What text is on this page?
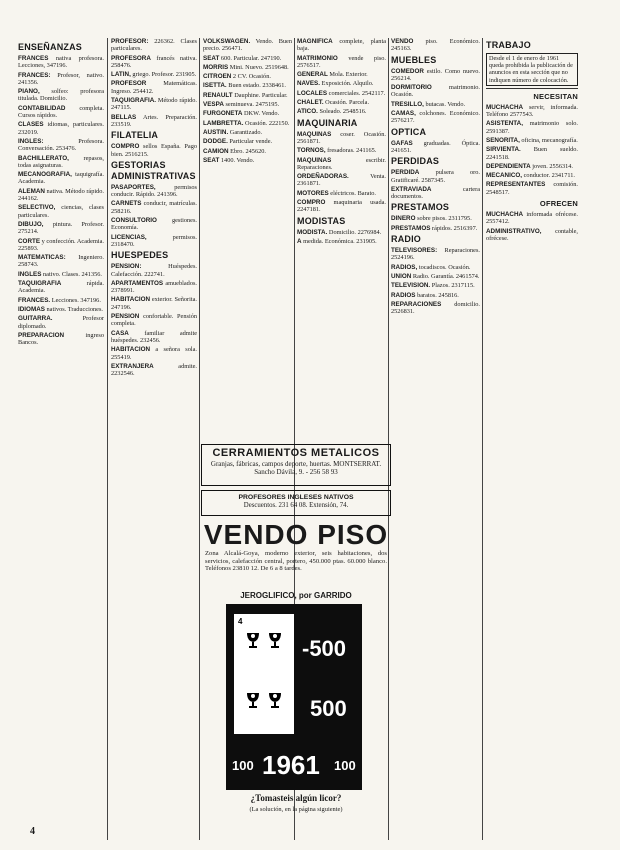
ENSEÑANZAS
FRANCES nativa profesora. Lecciones, 347196.
FRANCES: Profesor, nativo. 241356.
PIANO, solfeo: profesora titulada. Domicilio.
CONTABILIDAD completa. Cursos rápidos.
CLASES idiomas, particulares. 232019.
INGLES: Profesora. Conversación. 253476.
BACHILLERATO, repasos, todas asignaturas.
MECANOGRAFIA, taquigrafía. Academia.
ALEMAN nativa. Método rápido. 244162.
SELECTIVO, ciencias, clases particulares.
DIBUJO, pintura. Profesor. 275214.
CORTE y confección. Academia. 225893.
MATEMATICAS: Ingeniero. 258743.
INGLES nativo. Clases. 241356.
TAQUIGRAFIA rápida. Academia.
FRANCES. Lecciones. 347196.
IDIOMAS nativos. Traducciones.
GUITARRA. Profesor diplomado.
PREPARACION ingreso Bancos.
PROFESOR: 226362. Clases particulares.
PROFESORA francés nativa. 258476.
LATIN, griego. Profesor. 231905.
PROFESOR Matemáticas. Ingreso. 254412.
TAQUIGRAFIA. Método rápido. 247115.
BELLAS Artes. Preparación. 233519.
FILATELIA
COMPRO sellos España. Pago bien. 2516215.
GESTORIAS ADMINISTRATIVAS
PASAPORTES, permisos conducir. Rápido. 241396.
CARNETS conducir, matrículas. 258216.
CONSULTORIO gestiones. Economía.
LICENCIAS, permisos. 2318470.
HUESPEDES
PENSION: Huéspedes. Calefacción. 222741.
APARTAMENTOS amueblados. 2378991.
HABITACION exterior. Señorita. 247196.
PENSION confortable. Pensión completa.
CASA familiar admite huéspedes. 232456.
HABITACION a señora sola. 255419.
EXTRANJERA admite. 2232546.
VOLKSWAGEN. Vendo. Buen precio. 256471.
SEAT 600. Particular. 247190.
MORRIS Mini. Nuevo. 2519648.
CITROEN 2 CV. Ocasión.
ISETTA. Buen estado. 2338461.
RENAULT Dauphine. Particular.
VESPA seminueva. 2475195.
FURGONETA DKW. Vendo.
LAMBRETTA. Ocasión. 222150.
AUSTIN. Garantizado.
DODGE. Particular vende.
CAMION Ebro. 245620.
SEAT 1400. Vendo.
MAGNIFICA complete, planta baja.
MATRIMONIO vende piso. 2576517.
GENERAL Mola. Exterior.
NAVES. Exposición. Alquilo.
LOCALES comerciales. 2542117.
CHALET. Ocasión. Parcela.
ATICO. Soleado. 2548516.
MAQUINARIA
MAQUINAS coser. Ocasión. 2561871.
TORNOS, fresadoras. 241165.
MAQUINAS escribir. Reparaciones.
ORDEÑADORAS. Venta. 2361871.
MOTORES eléctricos. Barato.
COMPRO maquinaria usada. 2247181.
MODISTAS
MODISTA. Domicilio. 2276984.
A medida. Económica. 231905.
CERRAMIENTOS METALICOS
Granjas, fábricas, campos deporte, huertas. MONTSERRAT. Sancho Dávila, 9. - 256 58 93
PROFESORES INGLESES NATIVOS
Descuentos. 231 64 08. Extensión, 74.
VENDO PISO
Zona Alcalá-Goya, moderno exterior, seis habitaciones, dos servicios, calefacción central, portero, 450.000 ptas. 60.000 blanco. Teléfonos 23810 12. De 6 a 8 tardes.
JEROGLIFICO, por GARRIDO
4
-500
500
100 1961 100
¿Tomasteis algún licor?
(La solución, en la página siguiente)
VENDO piso. Económico. 245163.
MUEBLES
COMEDOR estilo. Como nuevo. 256214.
DORMITORIO matrimonio. Ocasión.
TRESILLO, butacas. Vendo.
CAMAS, colchones. Económico. 2576217.
OPTICA
GAFAS graduadas. Óptica. 241651.
PERDIDAS
PERDIDA pulsera oro. Gratificaré. 2587345.
EXTRAVIADA cartera documentos.
PRESTAMOS
DINERO sobre pisos. 2311795.
PRESTAMOS rápidos. 2516397.
RADIO
TELEVISORES: Reparaciones. 2524196.
RADIOS, tocadiscos. Ocasión.
UNION Radio. Garantía. 2461574.
TELEVISION. Plazos. 2317115.
RADIOS baratos. 245816.
REPARACIONES domicilio. 2526831.
TRABAJO
Desde el 1 de enero de 1961 queda prohibida la publicación de anuncios en esta sección que no indiquen número de colocación.
NECESITAN
MUCHACHA servir, informada. Teléfono 2577543.
ASISTENTA, matrimonio solo. 2591387.
SENORITA, oficina, mecanografía.
SIRVIENTA. Buen sueldo. 2241518.
DEPENDIENTA joven. 2556314.
MECANICO, conductor. 2341711.
REPRESENTANTES comisión. 2548517.
OFRECEN
MUCHACHA informada ofrécese. 2557412.
ADMINISTRATIVO, contable, ofrécese.
4
